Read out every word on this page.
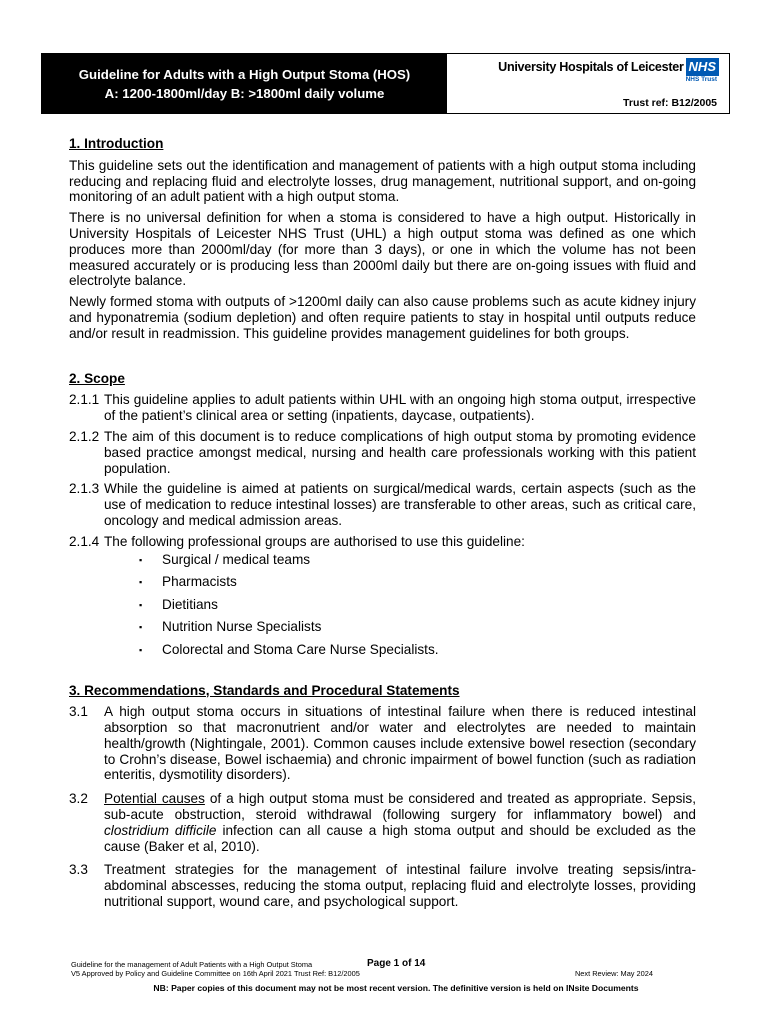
Guideline for Adults with a High Output Stoma (HOS)
A: 1200-1800ml/day B: >1800ml daily volume
University Hospitals of Leicester NHS
NHS Trust
Trust ref: B12/2005
1. Introduction

This guideline sets out the identification and management of patients with a high output stoma including reducing and replacing fluid and electrolyte losses, drug management, nutritional support, and on-going monitoring of an adult patient with a high output stoma.

There is no universal definition for when a stoma is considered to have a high output. Historically in University Hospitals of Leicester NHS Trust (UHL) a high output stoma was defined as one which produces more than 2000ml/day (for more than 3 days), or one in which the volume has not been measured accurately or is producing less than 2000ml daily but there are on-going issues with fluid and electrolyte balance.

Newly formed stoma with outputs of >1200ml daily can also cause problems such as acute kidney injury and hyponatremia (sodium depletion) and often require patients to stay in hospital until outputs reduce and/or result in readmission. This guideline provides management guidelines for both groups.

2. Scope
2.1.1 This guideline applies to adult patients within UHL with an ongoing high stoma output, irrespective of the patient’s clinical area or setting (inpatients, daycase, outpatients).
2.1.2 The aim of this document is to reduce complications of high output stoma by promoting evidence based practice amongst medical, nursing and health care professionals working with this patient population.
2.1.3 While the guideline is aimed at patients on surgical/medical wards, certain aspects (such as the use of medication to reduce intestinal losses) are transferable to other areas, such as critical care, oncology and medical admission areas.
2.1.4 The following professional groups are authorised to use this guideline:
▪	Surgical / medical teams
▪	Pharmacists
▪	Dietitians
▪	Nutrition Nurse Specialists
▪	Colorectal and Stoma Care Nurse Specialists.
3. Recommendations, Standards and Procedural Statements
3.1	A high output stoma occurs in situations of intestinal failure when there is reduced intestinal absorption so that macronutrient and/or water and electrolytes are needed to maintain health/growth (Nightingale, 2001). Common causes include extensive bowel resection (secondary to Crohn’s disease, Bowel ischaemia) and chronic impairment of bowel function (such as radiation enteritis, dysmotility disorders).
3.2	Potential causes of a high output stoma must be considered and treated as appropriate. Sepsis, sub-acute obstruction, steroid withdrawal (following surgery for inflammatory bowel) and clostridium difficile infection can all cause a high stoma output and should be excluded as the cause (Baker et al, 2010).
3.3	Treatment strategies for the management of intestinal failure involve treating sepsis/intra-abdominal abscesses, reducing the stoma output, replacing fluid and electrolyte losses, providing nutritional support, wound care, and psychological support.
Guideline for the management of Adult Patients with a High Output Stoma	Page 1 of 14
V5 Approved by Policy and Guideline Committee on 16th April 2021 Trust Ref: B12/2005	Next Review: May 2024
NB: Paper copies of this document may not be most recent version. The definitive version is held on INsite Documents
